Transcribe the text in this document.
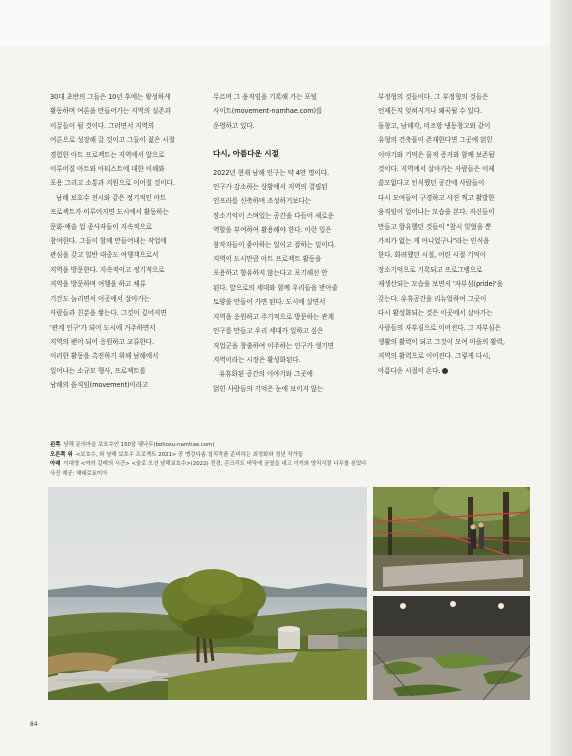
30대 초반의 그들은 10년 후에는 왕성하게
활동하며 여론을 만들어가는 지역의 실존과
이끌들이 될 것이다. 그러면서 지역의
어른으로 성장해 갈 것이고 그들이 젊은 시절
경험한 아트 프로젝트는 지역에서 앞으로
이루어질 아트와 아티스트에 대한 이해와
포용 그리고 소통과 지원으로 이어질 것이다.

남해 보호수 전시와 같은 정기적인 아트
프로젝트가 이루어지면 도시에서 활동하는
문화·예술 업 종사자들이 지속적으로
참여한다. 그들이 함께 만들어내는 작업에
관심을 갖고 일반 대중도 여행객으로서
지역을 방문한다. 지속적이고 정기적으로
지역을 방문하며 여행을 하고 체류
기간도 늘리면서 이곳에서 살아가는
사람들과 친분을 쌓는다. 그것이 깊어지면
'관계 인구'가 되어 도시에 거주하면서
지역의 팬이 되어 응원하고 교류한다.
이러한 활동을 촉진하기 위해 남해에서
일어나는 소규모 행사, 프로젝트를
남해의 움직임(movement)이라고

무르며 그 움직임을 기록해 가는 포털
사이트(movement-namhae.com)를
운영하고 있다.

다시, 아름다운 시절

2022년 현재 남해 인구는 약 4만 명이다.
인구가 감소하는 상황에서 지역의 결핍된
인프라를 신축하며 조성하기보다는
장소기억이 스며있는 공간을 다듬어 새로운
역할을 부여하여 활용해야 한다. 이런 일은
창작자들이 좋아하는 일이고 잘하는 일이다.
지역이 도시만큼 아트 프로젝트 활동을
포용하고 향유하지 않는다고 포기해선 안
된다. 앞으로의 세대와 함께 우리들을 받아줄
토양을 만들어 가면 된다. 도시에 살면서
지역을 응원하고 주기적으로 방문하는 관계
인구를 만들고 우리 세대가 일하고 싶은
직업군을 창출하여 이주하는 인구가 생기면
지역이라는 시장은 활성화된다.

유휴화된 공간의 이야기와 그곳에
얽힌 사람들의 기억은 눈에 보이지 않는

부정형의 것들이다. 그 부정형의 것들은
언제든지 잊혀지거나 왜곡될 수 있다.
돌창고, 남해각, 미조항 냉동창고와 같이
유형의 건축물이 존재한다면 그곳에 얽힌
이야기와 기억은 물적 증거와 함께 보존될
것이다. 지역에서 살아가는 사람들은 이제
쓸모없다고 인식했던 공간에 사람들이
다시 모여들어 구경하고 사진 찍고 활발한
움직임이 일어나는 모습을 본다. 자신들이
만들고 향유했던 것들이 "참시 잊혔을 뿐
가치가 없는 게 아니었구나"라는 인식을
한다. 화려했던 시절, 어린 시절 기억이
장소기억으로 기록되고 프로그램으로
재생산되는 모습을 보면서 '자부심(pride)'을
갖는다. 유휴공간을 리뉴얼하여 그곳이
다시 활성화되는 것은 이곳에서 살아가는
사람들의 자부심으로 이어진다. 그 자부심은
생활의 활력이 되고 그것이 모여 마을의 활력,
지역의 활력으로 이어진다. 그렇게 다시,
아름다운 시절이 온다.

왼쪽 남해 문의마을 보호수인 150살 팽나무(bohosu-namhae.com)
오른쪽 위 <보호수, 와 남해 보호수 프로젝트 2021> 중 맹강다솜 설치작품 준비하는 최정화와 청년 작가들
아래 이대영 <여러 갈래의 시간> <술로 모션 남해보호수>(2022) 전경, 콘크리트 바닥에 균열을 내고 이끼와 양치식물 나무를 심었다
사진 제공: 해태로토미아
84
